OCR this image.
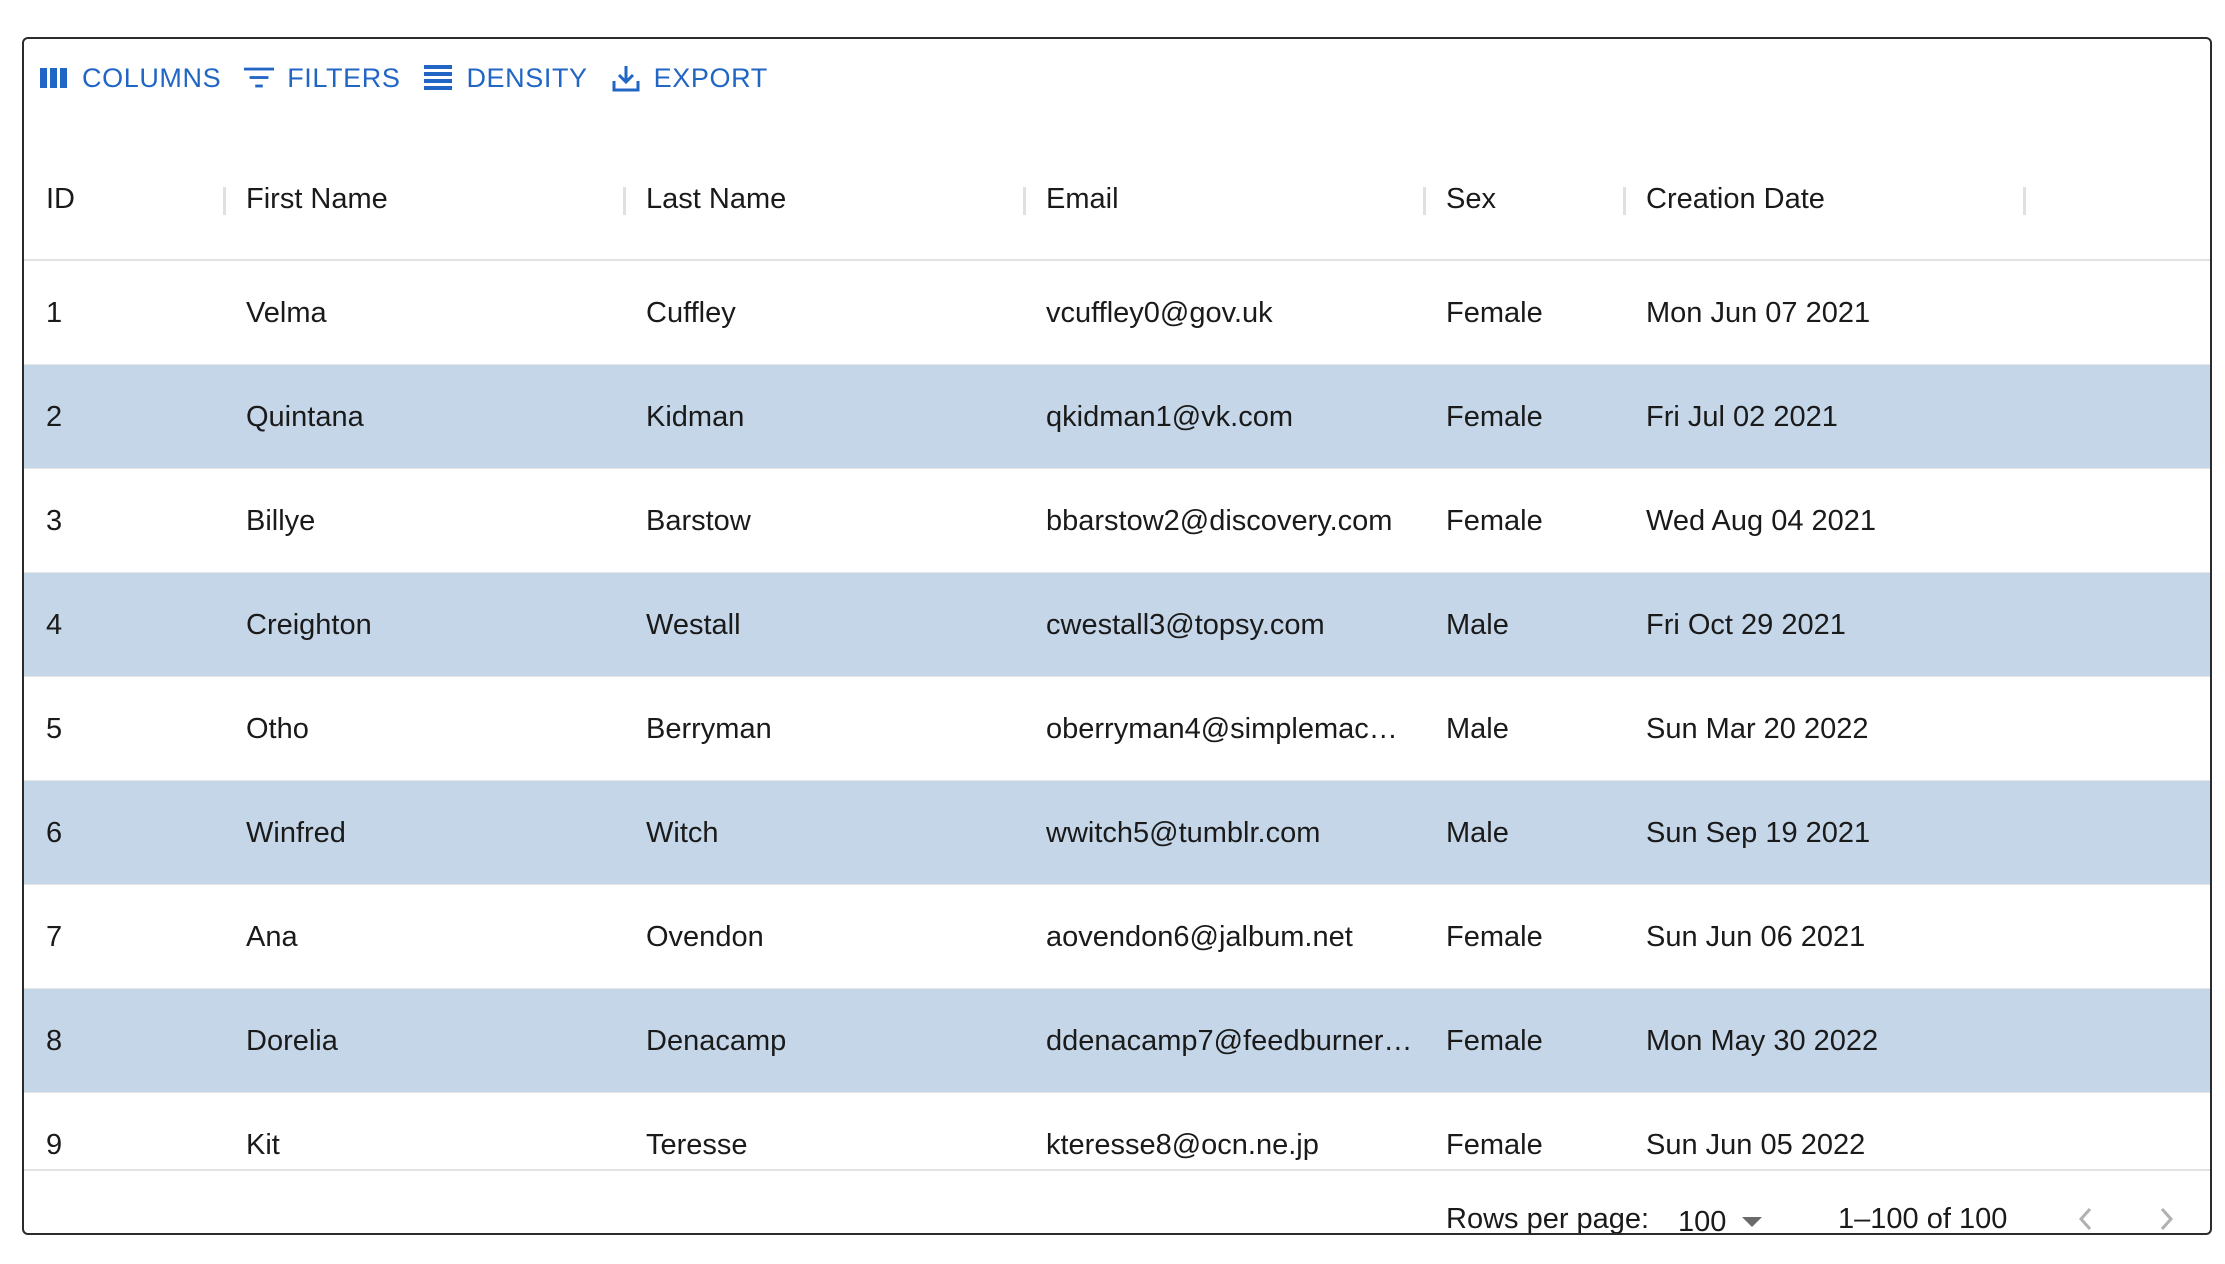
COLUMNS FILTERS DENSITY EXPORT
ID	First Name	Last Name	Email	Sex	Creation Date
1	Velma	Cuffley	vcuffley0@gov.uk	Female	Mon Jun 07 2021
2	Quintana	Kidman	qkidman1@vk.com	Female	Fri Jul 02 2021
3	Billye	Barstow	bbarstow2@discovery.com	Female	Wed Aug 04 2021
4	Creighton	Westall	cwestall3@topsy.com	Male	Fri Oct 29 2021
5	Otho	Berryman	oberryman4@simplemac…	Male	Sun Mar 20 2022
6	Winfred	Witch	wwitch5@tumblr.com	Male	Sun Sep 19 2021
7	Ana	Ovendon	aovendon6@jalbum.net	Female	Sun Jun 06 2021
8	Dorelia	Denacamp	ddenacamp7@feedburner…	Female	Mon May 30 2022
9	Kit	Teresse	kteresse8@ocn.ne.jp	Female	Sun Jun 05 2022
Rows per page: 100	1–100 of 100
